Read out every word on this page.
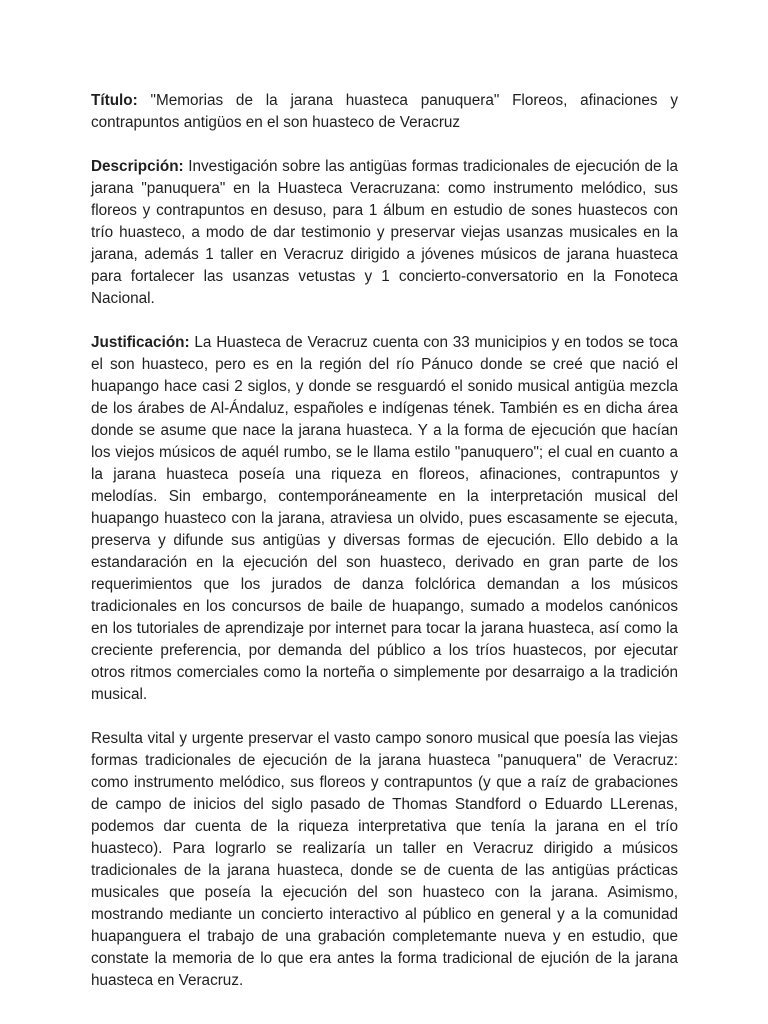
Título: "Memorias de la jarana huasteca panuquera" Floreos, afinaciones y contrapuntos antigüos en el son huasteco de Veracruz

Descripción: Investigación sobre las antigüas formas tradicionales de ejecución de la jarana "panuquera" en la Huasteca Veracruzana: como instrumento melódico, sus floreos y contrapuntos en desuso, para 1 álbum en estudio de sones huastecos con trío huasteco, a modo de dar testimonio y preservar viejas usanzas musicales en la jarana, además 1 taller en Veracruz dirigido a jóvenes músicos de jarana huasteca para fortalecer las usanzas vetustas y 1 concierto-conversatorio en la Fonoteca Nacional.

Justificación: La Huasteca de Veracruz cuenta con 33 municipios y en todos se toca el son huasteco, pero es en la región del río Pánuco donde se creé que nació el huapango hace casi 2 siglos, y donde se resguardó el sonido musical antigüa mezcla de los árabes de Al-Ándaluz, españoles e indígenas tének. También es en dicha área donde se asume que nace la jarana huasteca. Y a la forma de ejecución que hacían los viejos músicos de aquél rumbo, se le llama estilo "panuquero"; el cual en cuanto a la jarana huasteca poseía una riqueza en floreos, afinaciones, contrapuntos y melodías. Sin embargo, contemporáneamente en la interpretación musical del huapango huasteco con la jarana, atraviesa un olvido, pues escasamente se ejecuta, preserva y difunde sus antigüas y diversas formas de ejecución. Ello debido a la estandaración en la ejecución del son huasteco, derivado en gran parte de los requerimientos que los jurados de danza folclórica demandan a los músicos tradicionales en los concursos de baile de huapango, sumado a modelos canónicos en los tutoriales de aprendizaje por internet para tocar la jarana huasteca, así como la creciente preferencia, por demanda del público a los tríos huastecos, por ejecutar otros ritmos comerciales como la norteña o simplemente por desarraigo a la tradición musical.

Resulta vital y urgente preservar el vasto campo sonoro musical que poesía las viejas formas tradicionales de ejecución de la jarana huasteca "panuquera" de Veracruz: como instrumento melódico, sus floreos y contrapuntos (y que a raíz de grabaciones de campo de inicios del siglo pasado de Thomas Standford o Eduardo LLerenas, podemos dar cuenta de la riqueza interpretativa que tenía la jarana en el trío huasteco). Para lograrlo se realizaría un taller en Veracruz dirigido a músicos tradicionales de la jarana huasteca, donde se de cuenta de las antigüas prácticas musicales que poseía la ejecución del son huasteco con la jarana. Asimismo, mostrando mediante un concierto interactivo al público en general y a la comunidad huapanguera el trabajo de una grabación completemante nueva y en estudio, que constate la memoria de lo que era antes la forma tradicional de ejución de la jarana huasteca en Veracruz.
